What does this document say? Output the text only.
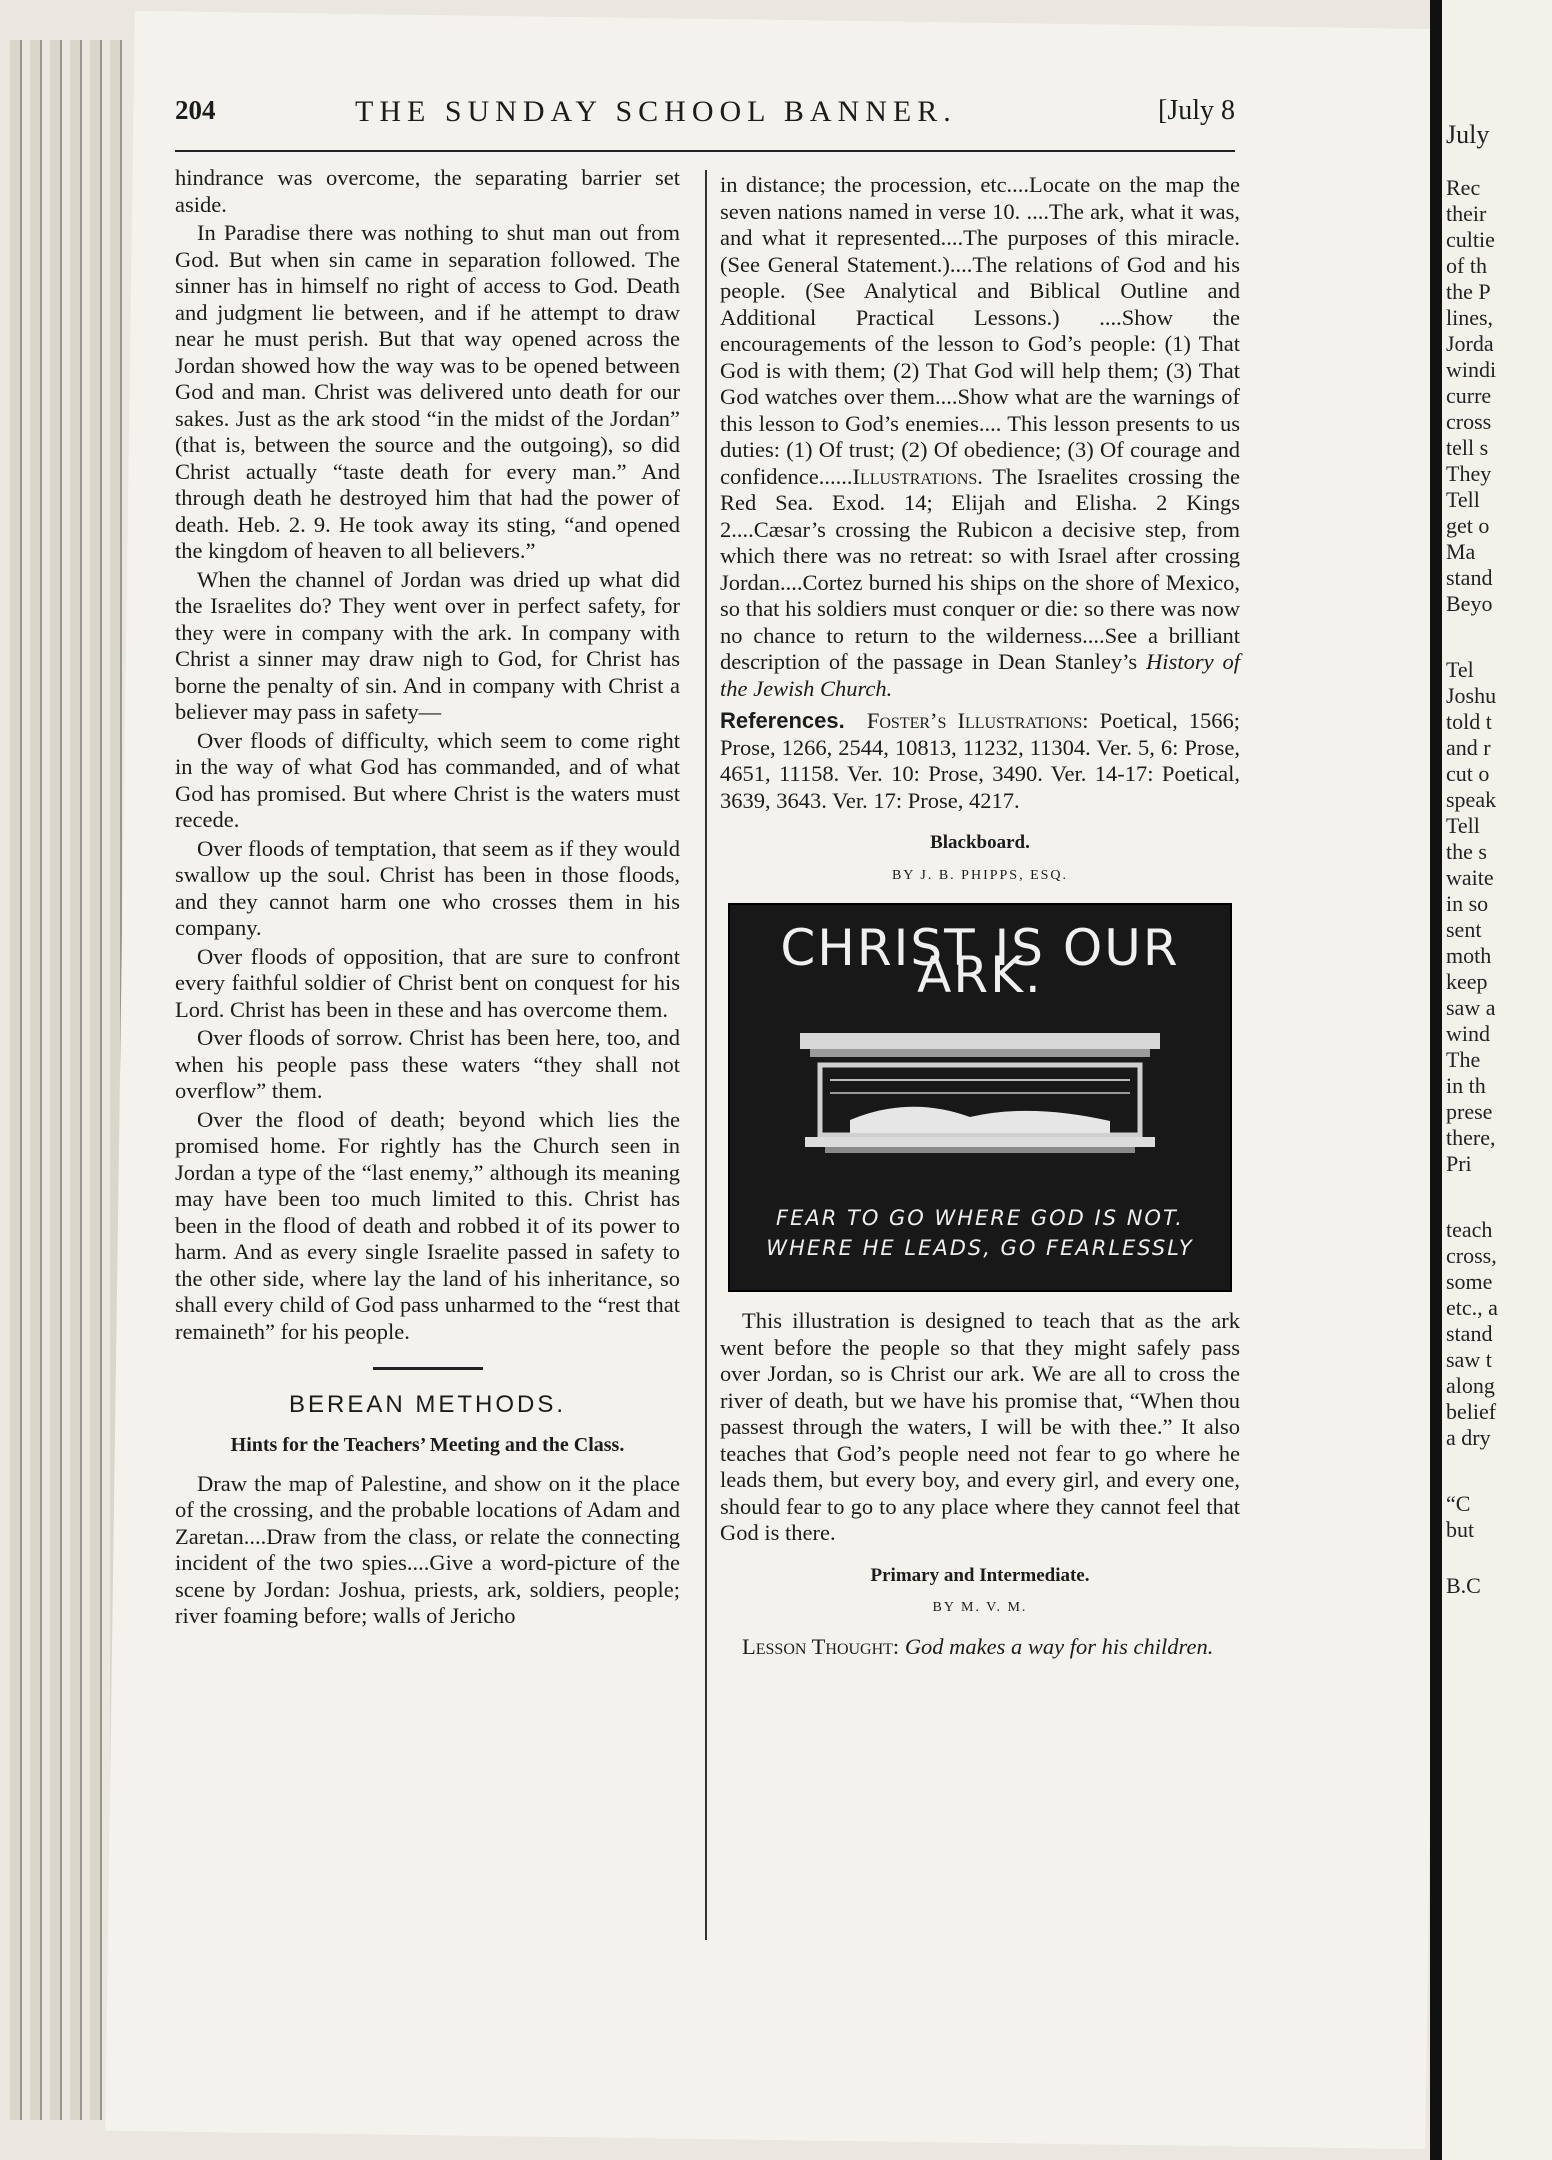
204	THE SUNDAY SCHOOL BANNER.	[July 8

hindrance was overcome, the separating barrier set aside.

In Paradise there was nothing to shut man out from God. But when sin came in separation followed. The sinner has in himself no right of access to God. Death and judgment lie between, and if he attempt to draw near he must perish. But that way opened across the Jordan showed how the way was to be opened between God and man. Christ was delivered unto death for our sakes. Just as the ark stood “in the midst of the Jordan” (that is, between the source and the outgoing), so did Christ actually “taste death for every man.” And through death he destroyed him that had the power of death. Heb. 2. 9. He took away its sting, “and opened the kingdom of heaven to all believers.”

When the channel of Jordan was dried up what did the Israelites do? They went over in perfect safety, for they were in company with the ark. In company with Christ a sinner may draw nigh to God, for Christ has borne the penalty of sin. And in company with Christ a believer may pass in safety—

Over floods of difficulty, which seem to come right in the way of what God has commanded, and of what God has promised. But where Christ is the waters must recede.

Over floods of temptation, that seem as if they would swallow up the soul. Christ has been in those floods, and they cannot harm one who crosses them in his company.

Over floods of opposition, that are sure to confront every faithful soldier of Christ bent on conquest for his Lord. Christ has been in these and has overcome them.

Over floods of sorrow. Christ has been here, too, and when his people pass these waters “they shall not overflow” them.

Over the flood of death; beyond which lies the promised home. For rightly has the Church seen in Jordan a type of the “last enemy,” although its meaning may have been too much limited to this. Christ has been in the flood of death and robbed it of its power to harm. And as every single Israelite passed in safety to the other side, where lay the land of his inheritance, so shall every child of God pass unharmed to the “rest that remaineth” for his people.

BEREAN METHODS.
Hints for the Teachers’ Meeting and the Class.

Draw the map of Palestine, and show on it the place of the crossing, and the probable locations of Adam and Zaretan....Draw from the class, or relate the connecting incident of the two spies....Give a word-picture of the scene by Jordan: Joshua, priests, ark, soldiers, people; river foaming before; walls of Jericho

in distance; the procession, etc....Locate on the map the seven nations named in verse 10. ....The ark, what it was, and what it represented....The purposes of this miracle. (See General Statement.)....The relations of God and his people. (See Analytical and Biblical Outline and Additional Practical Lessons.) ....Show the encouragements of the lesson to God’s people: (1) That God is with them; (2) That God will help them; (3) That God watches over them....Show what are the warnings of this lesson to God’s enemies.... This lesson presents to us duties: (1) Of trust; (2) Of obedience; (3) Of courage and confidence......Illustrations. The Israelites crossing the Red Sea. Exod. 14; Elijah and Elisha. 2 Kings 2....Cæsar’s crossing the Rubicon a decisive step, from which there was no retreat: so with Israel after crossing Jordan....Cortez burned his ships on the shore of Mexico, so that his soldiers must conquer or die: so there was now no chance to return to the wilderness....See a brilliant description of the passage in Dean Stanley’s History of the Jewish Church.

References. Foster’s Illustrations: Poetical, 1566; Prose, 1266, 2544, 10813, 11232, 11304. Ver. 5, 6: Prose, 4651, 11158. Ver. 10: Prose, 3490. Ver. 14-17: Poetical, 3639, 3643. Ver. 17: Prose, 4217.

Blackboard.
BY J. B. PHIPPS, ESQ.
CHRIST IS OUR ARK.
FEAR TO GO WHERE GOD IS NOT.
WHERE HE LEADS, GO FEARLESSLY

This illustration is designed to teach that as the ark went before the people so that they might safely pass over Jordan, so is Christ our ark. We are all to cross the river of death, but we have his promise that, “When thou passest through the waters, I will be with thee.” It also teaches that God’s people need not fear to go where he leads them, but every boy, and every girl, and every one, should fear to go to any place where they cannot feel that God is there.

Primary and Intermediate.
BY M. V. M.

Lesson Thought: God makes a way for his children.

July
Rec
their
cultie
of th
the P
lines,
Jorda
windi
curre
cross
tell s
They
Tell
get o
Ma
stand
Beyo
Tel
Joshu
told t
and r
cut o
speak
Tell
the s
waite
in so
sent
moth
keep
saw a
wind
The
in th
prese
there,
Pri
teach
cross,
some
etc., a
stand
saw t
along
belief
a dry
“C
but
B.C
